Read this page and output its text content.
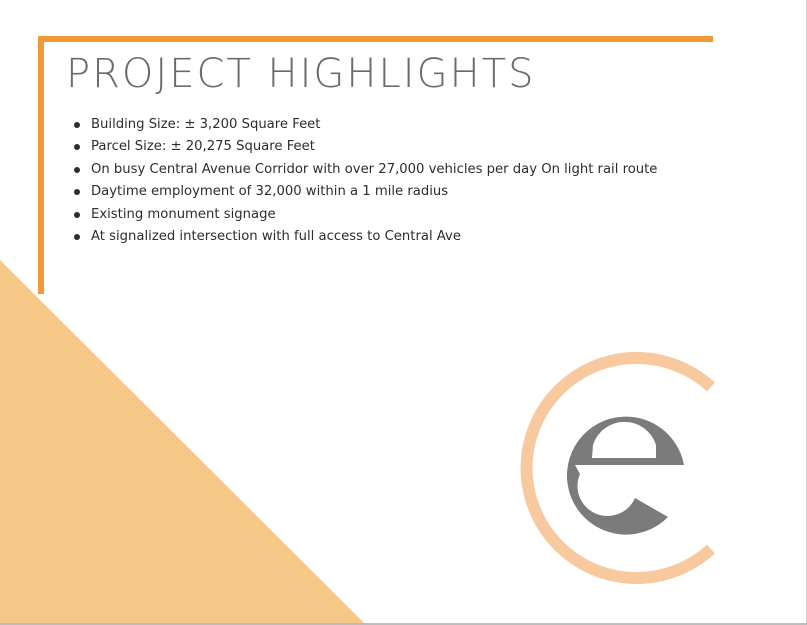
PROJECT HIGHLIGHTS
Building Size: ± 3,200 Square Feet
Parcel Size: ± 20,275 Square Feet
On busy Central Avenue Corridor with over 27,000 vehicles per day On light rail route
Daytime employment of 32,000 within a 1 mile radius
Existing monument signage
At signalized intersection with full access to Central Ave
